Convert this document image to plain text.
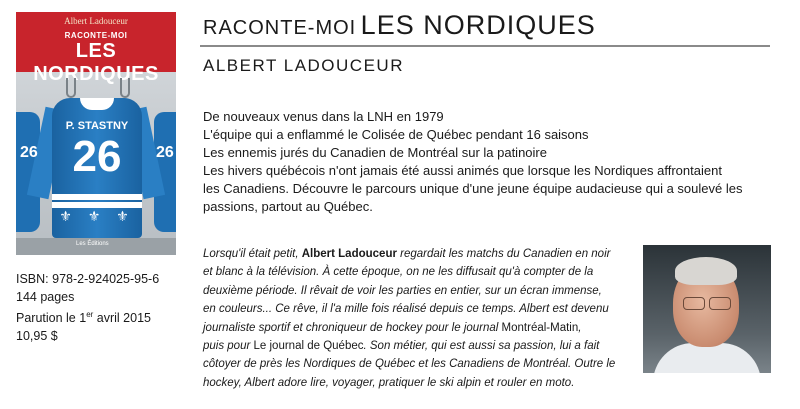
Albert Ladouceur
RACONTE-MOI
LES NORDIQUES
P. STASTNY
26
26	26
⚜ ⚜ ⚜
Les Éditions
ISBN: 978-2-924025-95-6
144 pages
Parution le 1er avril 2015
10,95 $
RACONTE-MOI LES NORDIQUES
ALBERT LADOUCEUR
De nouveaux venus dans la LNH en 1979
L'équipe qui a enflammé le Colisée de Québec pendant 16 saisons
Les ennemis jurés du Canadien de Montréal sur la patinoire
Les hivers québécois n'ont jamais été aussi animés que lorsque les Nordiques affrontaient
les Canadiens. Découvre le parcours unique d'une jeune équipe audacieuse qui a soulevé les
passions, partout au Québec.
Lorsqu'il était petit, Albert Ladouceur regardait les matchs du Canadien en noir
et blanc à la télévision. À cette époque, on ne les diffusait qu'à compter de la
deuxième période. Il rêvait de voir les parties en entier, sur un écran immense,
en couleurs... Ce rêve, il l'a mille fois réalisé depuis ce temps. Albert est devenu
journaliste sportif et chroniqueur de hockey pour le journal Montréal-Matin,
puis pour Le journal de Québec. Son métier, qui est aussi sa passion, lui a fait
côtoyer de près les Nordiques de Québec et les Canadiens de Montréal. Outre le
hockey, Albert adore lire, voyager, pratiquer le ski alpin et rouler en moto.
